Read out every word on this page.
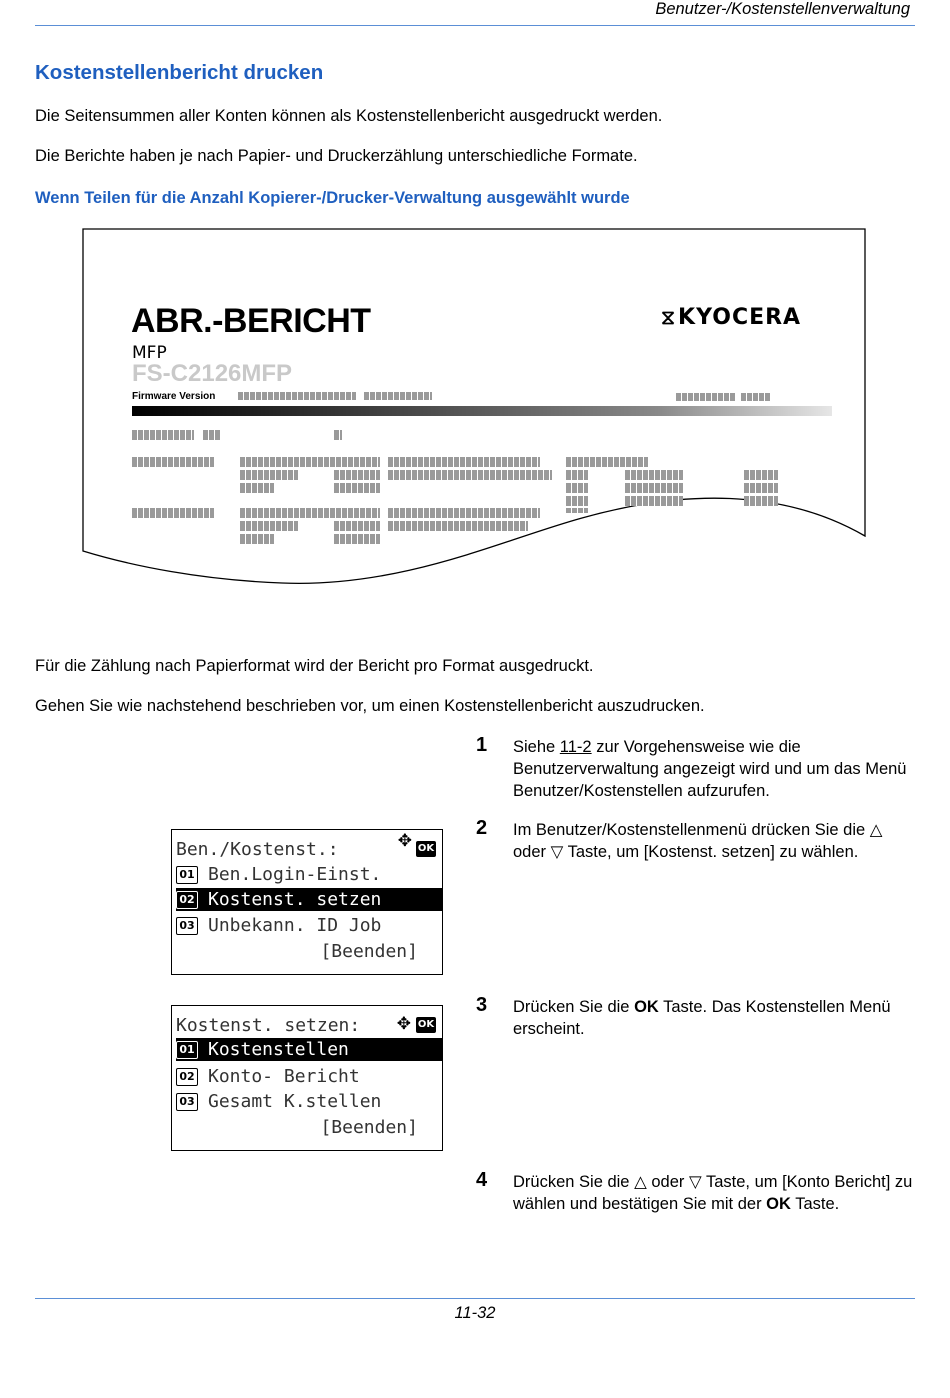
Benutzer-/Kostenstellenverwaltung
Kostenstellenbericht drucken
Die Seitensummen aller Konten können als Kostenstellenbericht ausgedruckt werden.
Die Berichte haben je nach Papier- und Druckerzählung unterschiedliche Formate.
Wenn Teilen für die Anzahl Kopierer-/Drucker-Verwaltung ausgewählt wurde
ABR.-BERICHT
MFP
FS-C2126MFP
Firmware Version
⧖KYOCERA
Für die Zählung nach Papierformat wird der Bericht pro Format ausgedruckt.
Gehen Sie wie nachstehend beschrieben vor, um einen Kostenstellenbericht auszudrucken.
1 Siehe 11-2 zur Vorgehensweise wie die Benutzerverwaltung angezeigt wird und um das Menü Benutzer/Kostenstellen aufzurufen.
2 Im Benutzer/Kostenstellenmenü drücken Sie die △ oder ▽ Taste, um [Kostenst. setzen] zu wählen.
3 Drücken Sie die OK Taste. Das Kostenstellen Menü erscheint.
4 Drücken Sie die △ oder ▽ Taste, um [Konto Bericht] zu wählen und bestätigen Sie mit der OK Taste.
Ben./Kostenst.:	✥ OK
01 Ben.Login-Einst.
02 Kostenst. setzen
03 Unbekann. ID Job
[Beenden]
Kostenst. setzen:	✥ OK
01 Kostenstellen
02 Konto- Bericht
03 Gesamt K.stellen
[Beenden]
11-32
